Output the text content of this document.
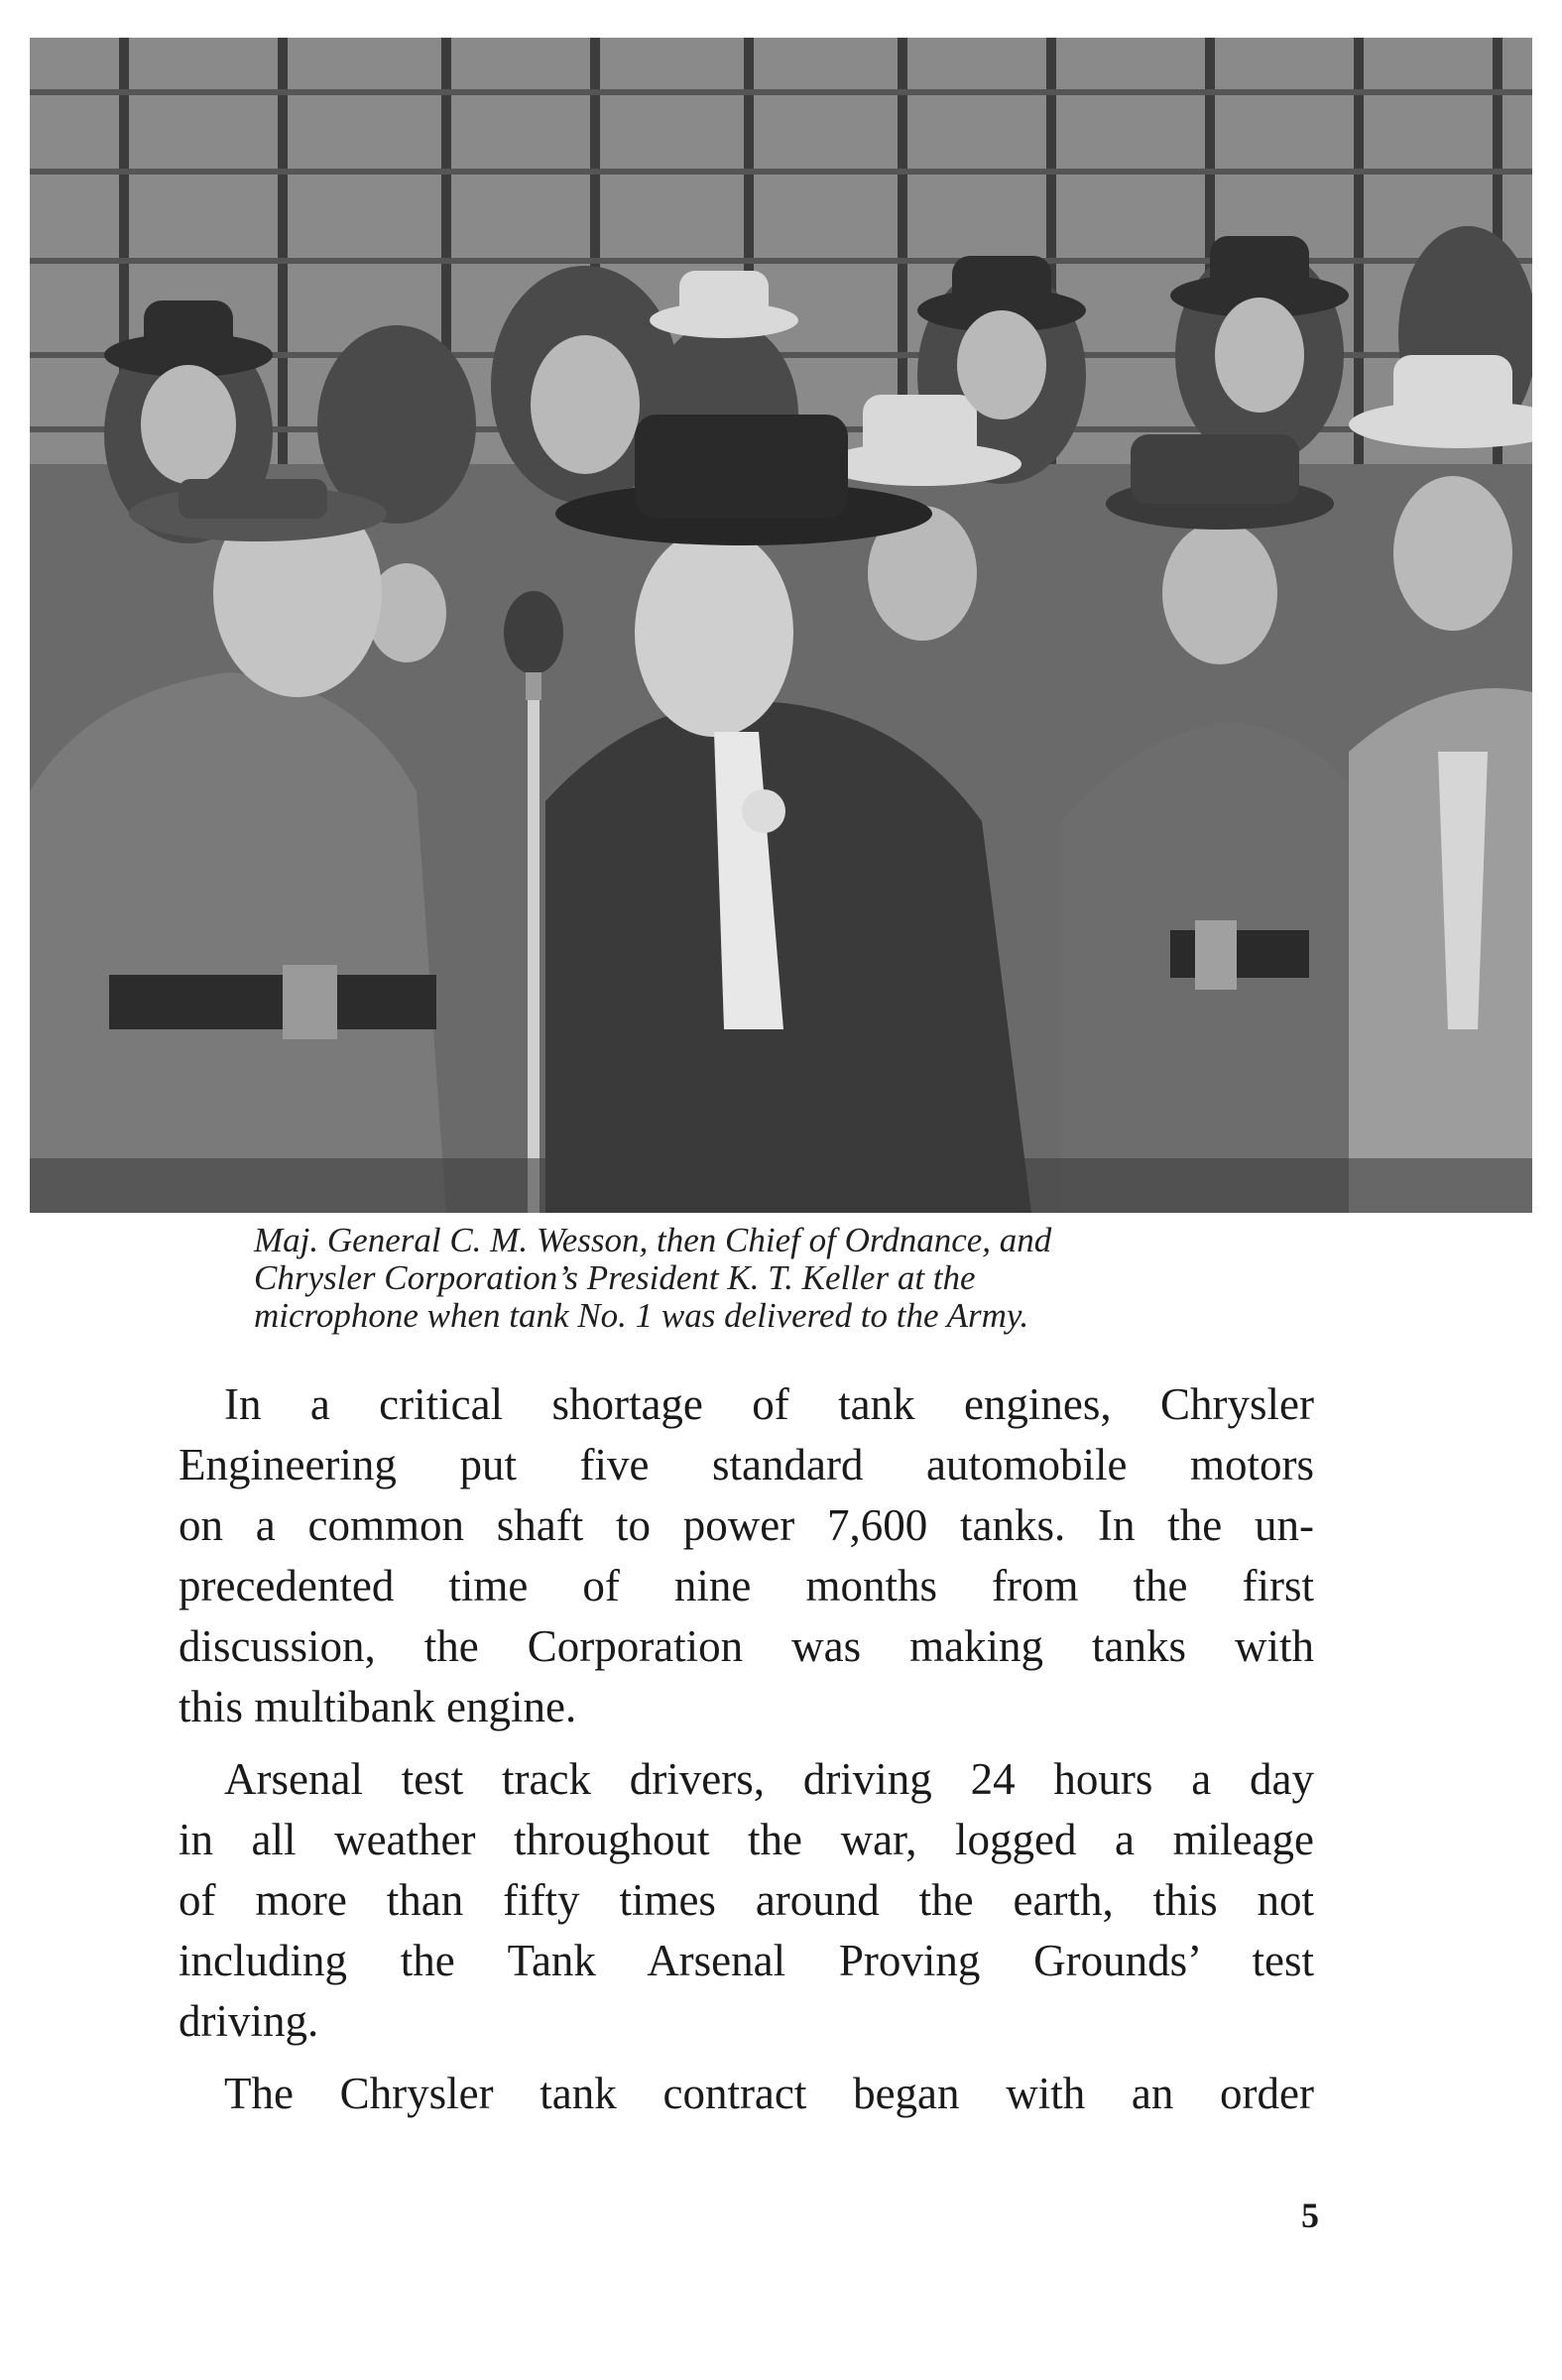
Maj. General C. M. Wesson, then Chief of Ordnance, and
Chrysler Corporation’s President K. T. Keller at the
microphone when tank No. 1 was delivered to the Army.
In a critical shortage of tank engines, Chrysler
Engineering put five standard automobile motors
on a common shaft to power 7,600 tanks. In the un-
precedented time of nine months from the first
discussion, the Corporation was making tanks with
this multibank engine.
Arsenal test track drivers, driving 24 hours a day
in all weather throughout the war, logged a mileage
of more than fifty times around the earth, this not
including the Tank Arsenal Proving Grounds’ test
driving.
The Chrysler tank contract began with an order
5
